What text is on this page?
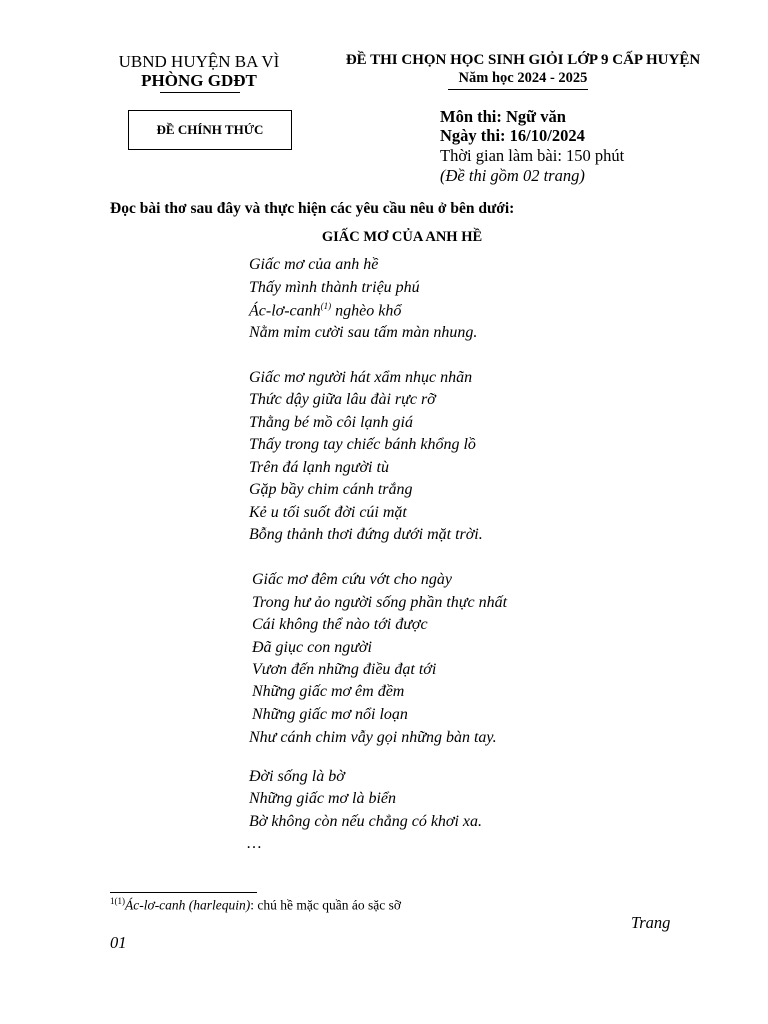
UBND HUYỆN BA VÌ
PHÒNG GDĐT
ĐỀ CHÍNH THỨC
ĐỀ THI CHỌN HỌC SINH GIỎI LỚP 9 CẤP HUYỆN
Năm học 2024 - 2025
Môn thi: Ngữ văn
Ngày thi: 16/10/2024
Thời gian làm bài: 150 phút
(Đề thi gồm 02 trang)
Đọc bài thơ sau đây và thực hiện các yêu cầu nêu ở bên dưới:
GIẤC MƠ CỦA ANH HỀ
Giấc mơ của anh hề
Thấy mình thành triệu phú
Ác-lơ-canh$^{(1)}$ nghèo khổ
Nằm mỉm cười sau tấm màn nhung.
Giấc mơ người hát xẩm nhục nhãn
Thức dậy giữa lâu đài rực rỡ
Thằng bé mồ côi lạnh giá
Thấy trong tay chiếc bánh khổng lồ
Trên đá lạnh người tù
Gặp bầy chim cánh trắng
Kẻ u tối suốt đời cúi mặt
Bỗng thảnh thơi đứng dưới mặt trời.
Giấc mơ đêm cứu vớt cho ngày
Trong hư ảo người sống phần thực nhất
Cái không thể nào tới được
Đã giục con người
Vươn đến những điều đạt tới
Những giấc mơ êm đềm
Những giấc mơ nổi loạn
Như cánh chim vẫy gọi những bàn tay.
Đời sống là bờ
Những giấc mơ là biển
Bờ không còn nếu chẳng có khơi xa.
…
$^{1(1)}$Ác-lơ-canh (harlequin): chú hề mặc quần áo sặc sỡ
Trang
01
